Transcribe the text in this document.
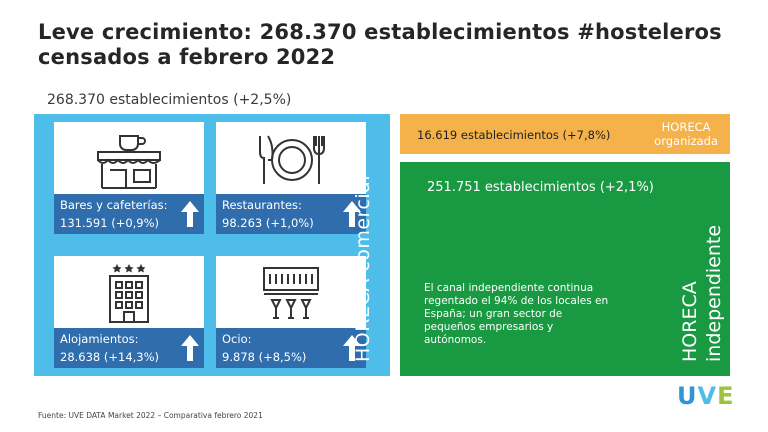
Leve crecimiento: 268.370 establecimientos #hosteleros
censados a febrero 2022
268.370 establecimientos (+2,5%)
Bares y cafeterías:
131.591 (+0,9%)
Restaurantes:
98.263 (+1,0%)
Alojamientos:
28.638 (+14,3%)
Ocio:
9.878 (+8,5%) HORECA comercial
16.619 establecimientos (+7,8%)
HORECA
organizada
251.751 establecimientos (+2,1%)
El canal independiente continua regentado el 94% de los locales en España; un gran sector de pequeños empresarios y autónomos.	HORECA independiente
Fuente: UVE DATA Market 2022 – Comparativa febrero 2021
UVE
